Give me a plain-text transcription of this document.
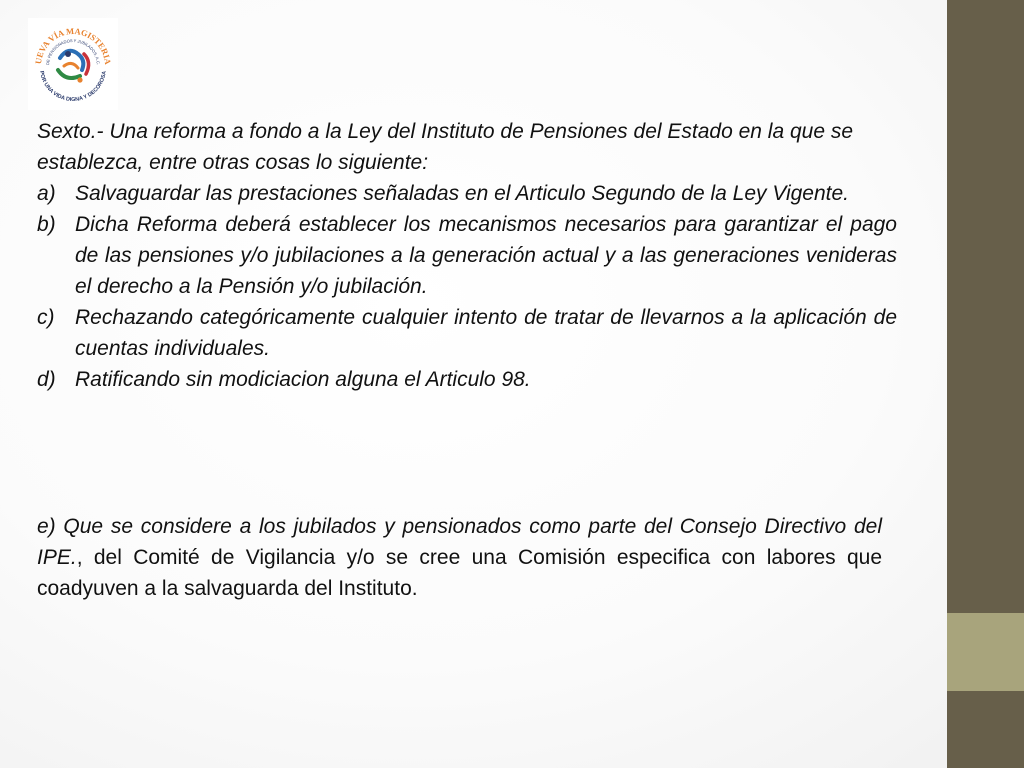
UEVA VÍA MAGISTERIA
DE PENSIONADOS Y JUBILADOS, A.C.
POR UNA VIDA DIGNA Y DECOROSA

Sexto.- Una reforma a fondo a la Ley del Instituto de Pensiones del Estado en la que se establezca, entre otras cosas lo siguiente:

a) Salvaguardar las prestaciones señaladas en el Articulo Segundo de la Ley Vigente.
b) Dicha Reforma deberá establecer los mecanismos necesarios para garantizar el pago de las pensiones y/o jubilaciones a la generación actual y a las generaciones venideras el derecho a la Pensión y/o jubilación.
c) Rechazando categóricamente cualquier intento de tratar de llevarnos a la aplicación de cuentas individuales.
d) Ratificando sin modiciacion alguna el Articulo 98.
e) Que se considere a los jubilados y pensionados como parte del Consejo Directivo del IPE., del Comité de Vigilancia y/o se cree una Comisión especifica con labores que coadyuven a la salvaguarda del Instituto.
